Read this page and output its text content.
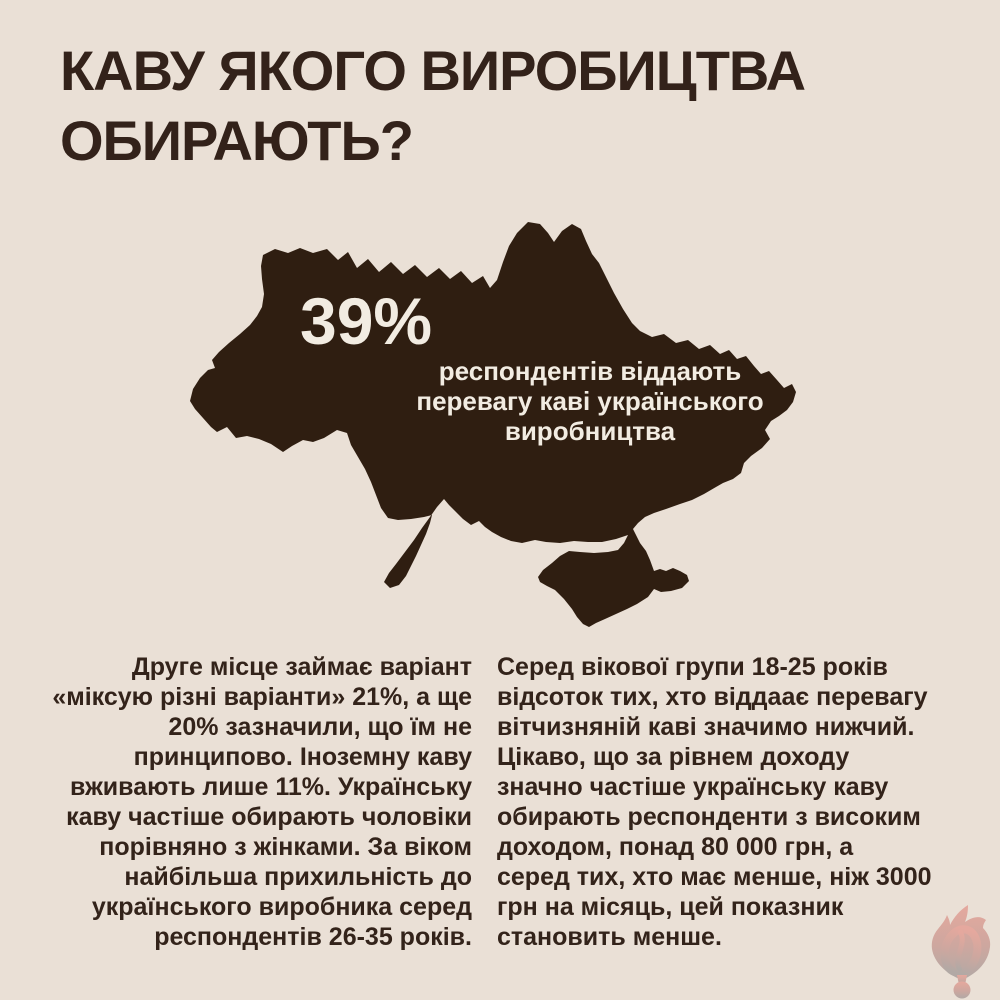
КАВУ ЯКОГО ВИРОБИЦТВА
ОБИРАЮТЬ?
39%
респондентів віддають
перевагу каві українського
виробництва
Друге місце займає варіант
«міксую різні варіанти» 21%, а ще
20% зазначили, що їм не
принципово. Іноземну каву
вживають лише 11%. Українську
каву частіше обирають чоловіки
порівняно з жінками. За віком
найбільша прихильність до
українського виробника серед
респондентів 26-35 років.
Серед вікової групи 18-25 років
відсоток тих, хто віддаає перевагу
вітчизняній каві значимо нижчий.
Цікаво, що за рівнем доходу
значно частіше українську каву
обирають респонденти з високим
доходом, понад 80 000 грн, а
серед тих, хто має менше, ніж 3000
грн на місяць, цей показник
становить менше.
